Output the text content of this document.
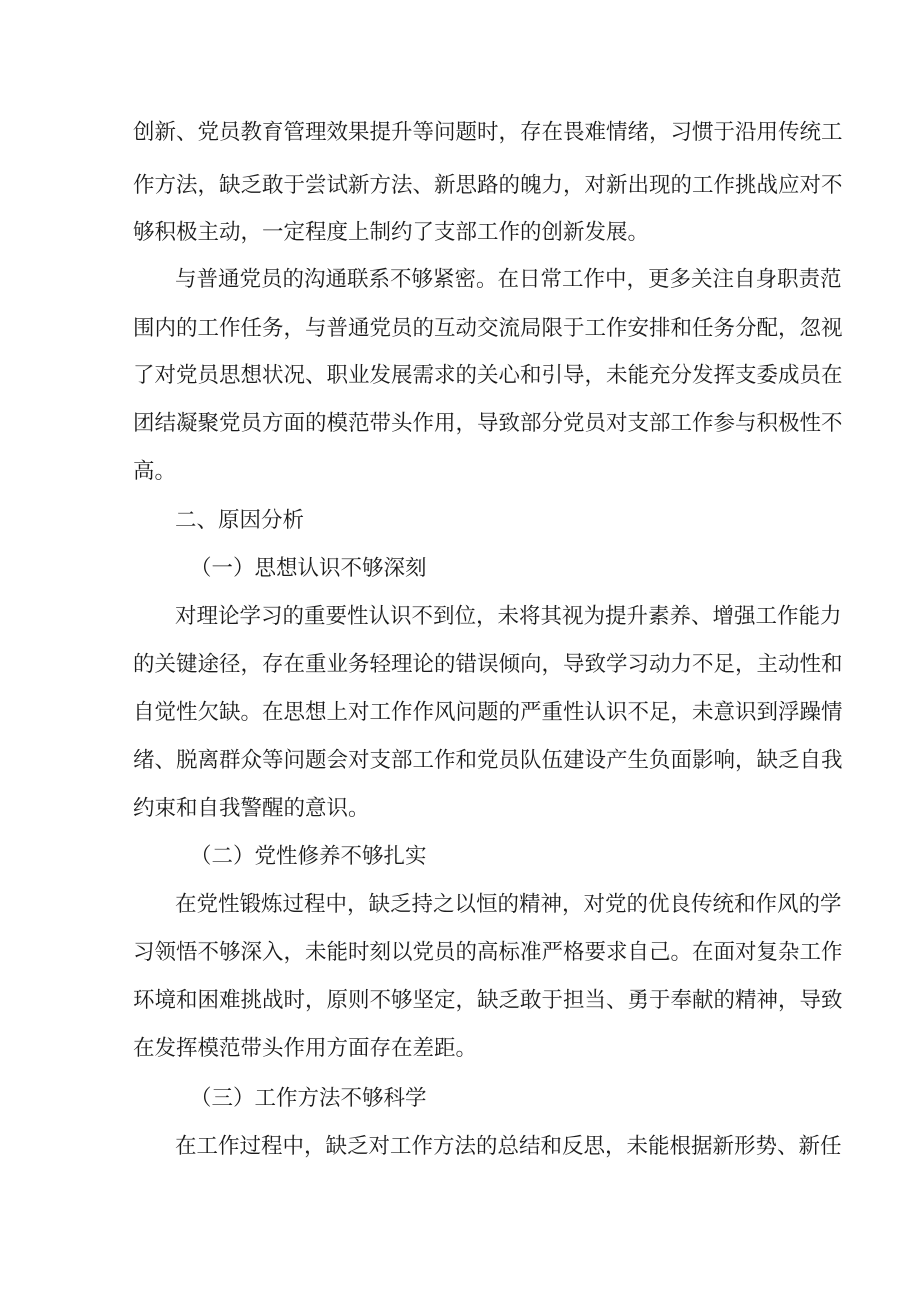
创新、党员教育管理效果提升等问题时，存在畏难情绪，习惯于沿用传统工
作方法，缺乏敢于尝试新方法、新思路的魄力，对新出现的工作挑战应对不
够积极主动，一定程度上制约了支部工作的创新发展。
与普通党员的沟通联系不够紧密。在日常工作中，更多关注自身职责范
围内的工作任务，与普通党员的互动交流局限于工作安排和任务分配，忽视
了对党员思想状况、职业发展需求的关心和引导，未能充分发挥支委成员在
团结凝聚党员方面的模范带头作用，导致部分党员对支部工作参与积极性不
高。
二、原因分析
（一）思想认识不够深刻
对理论学习的重要性认识不到位，未将其视为提升素养、增强工作能力
的关键途径，存在重业务轻理论的错误倾向，导致学习动力不足，主动性和
自觉性欠缺。在思想上对工作作风问题的严重性认识不足，未意识到浮躁情
绪、脱离群众等问题会对支部工作和党员队伍建设产生负面影响，缺乏自我
约束和自我警醒的意识。
（二）党性修养不够扎实
在党性锻炼过程中，缺乏持之以恒的精神，对党的优良传统和作风的学
习领悟不够深入，未能时刻以党员的高标准严格要求自己。在面对复杂工作
环境和困难挑战时，原则不够坚定，缺乏敢于担当、勇于奉献的精神，导致
在发挥模范带头作用方面存在差距。
（三）工作方法不够科学
在工作过程中，缺乏对工作方法的总结和反思，未能根据新形势、新任
